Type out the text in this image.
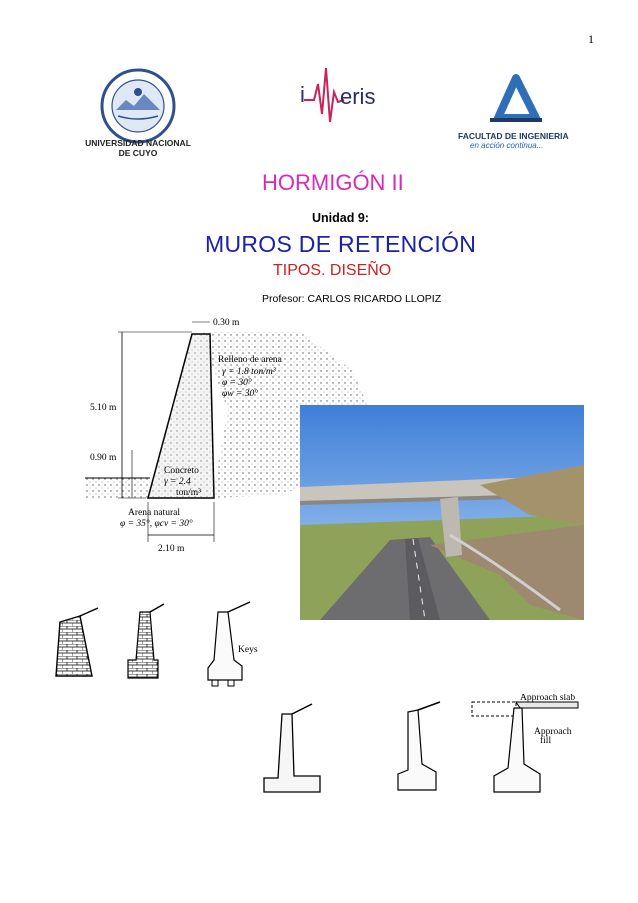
1
UNIVERSIDAD NACIONAL DE CUYO
i eris
FACULTAD DE INGENIERIA
en acción continua...
HORMIGÓN II
Unidad 9:
MUROS DE RETENCIÓN
TIPOS. DISEÑO
Profesor: CARLOS RICARDO LLOPIZ
0.30 m
5.10 m
0.90 m
2.10 m
Relleno de arena
γ = 1.8 ton/m³
φ = 30°
φw = 30°
Concreto
γ = 2.4
ton/m³
Arena natural
φ = 35°, φcv = 30°
Keys
Approach slab
Approach
fill
